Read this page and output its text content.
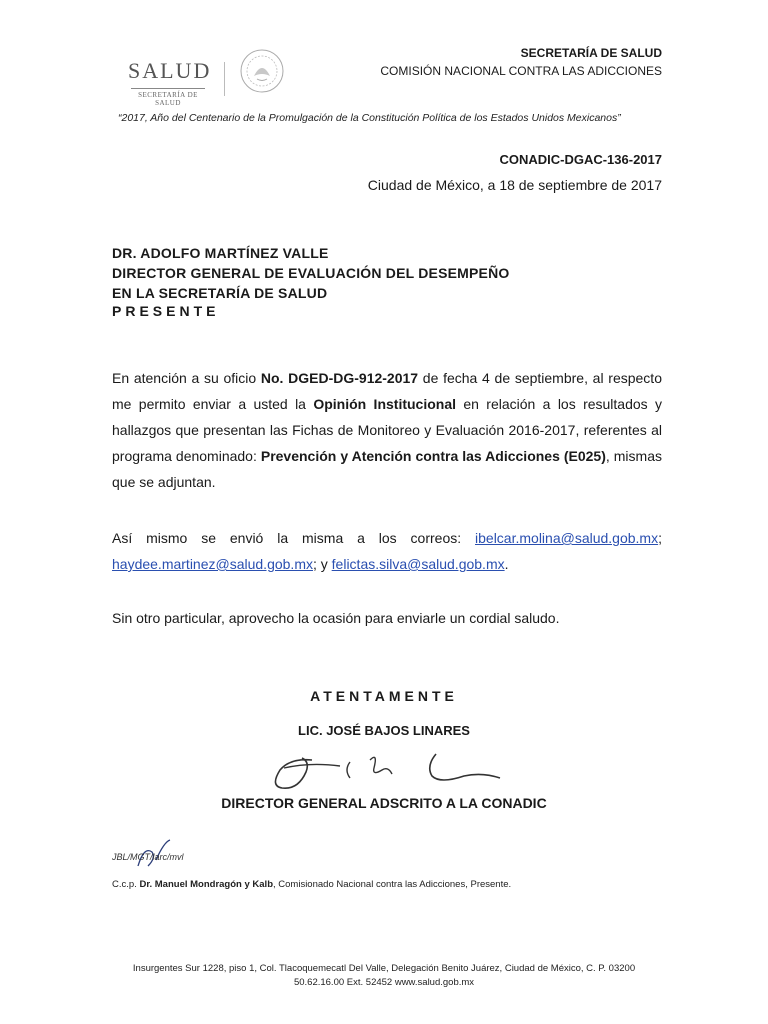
SALUD
SECRETARÍA DE SALUD
SECRETARÍA DE SALUD
COMISIÓN NACIONAL CONTRA LAS ADICCIONES
“2017, Año del Centenario de la Promulgación de la Constitución Política de los Estados Unidos Mexicanos”
CONADIC-DGAC-136-2017
Ciudad de México, a 18 de septiembre de 2017
DR. ADOLFO MARTÍNEZ VALLE
DIRECTOR GENERAL DE EVALUACIÓN DEL DESEMPEÑO
EN LA SECRETARÍA DE SALUD
PRESENTE
En atención a su oficio No. DGED-DG-912-2017 de fecha 4 de septiembre, al respecto me permito enviar a usted la Opinión Institucional en relación a los resultados y hallazgos que presentan las Fichas de Monitoreo y Evaluación 2016-2017, referentes al programa denominado: Prevención y Atención contra las Adicciones (E025), mismas que se adjuntan.
Así mismo se envió la misma a los correos: ibelcar.molina@salud.gob.mx; haydee.martinez@salud.gob.mx; y felictas.silva@salud.gob.mx.
Sin otro particular, aprovecho la ocasión para enviarle un cordial saludo.
ATENTAMENTE
LIC. JOSÉ BAJOS LINARES
DIRECTOR GENERAL ADSCRITO A LA CONADIC
JBL/MGT/larc/mvl
C.c.p. Dr. Manuel Mondragón y Kalb, Comisionado Nacional contra las Adicciones, Presente.
Insurgentes Sur 1228, piso 1, Col. Tlacoquemecatl Del Valle, Delegación Benito Juárez, Ciudad de México, C. P. 03200
50.62.16.00 Ext. 52452 www.salud.gob.mx
